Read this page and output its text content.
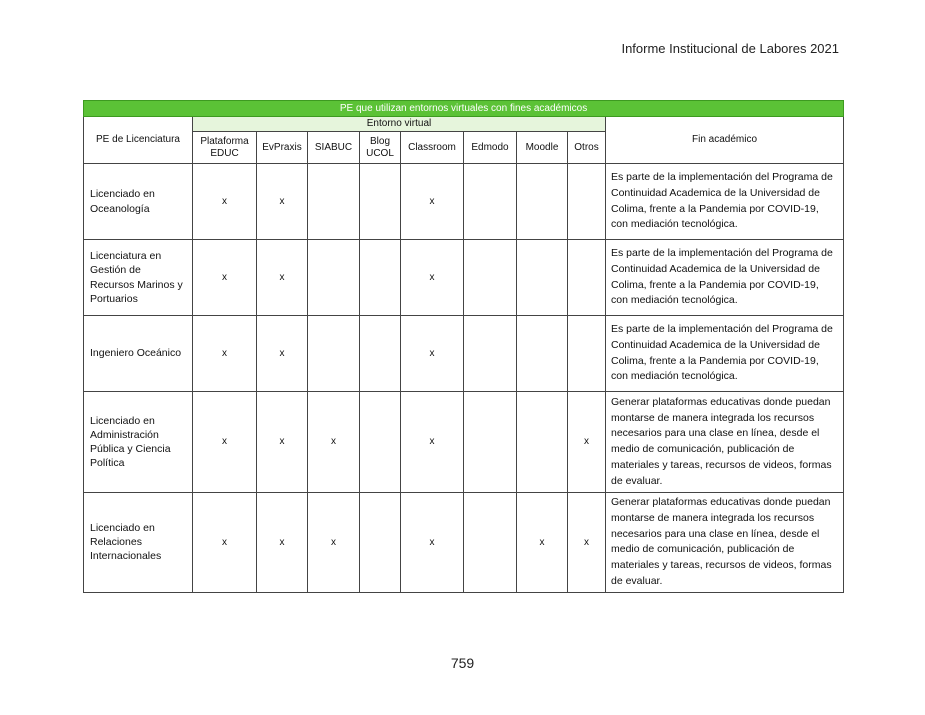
Informe Institucional de Labores 2021
PE que utilizan entornos virtuales con fines académicos									
PE de Licenciatura	Entorno virtual								Fin académico
	Plataforma EDUC	EvPraxis	SIABUC	Blog UCOL	Classroom	Edmodo	Moodle	Otros	
Licenciado en Oceanología	x	x			x				Es parte de la implementación del Programa de Continuidad Academica de la Universidad de Colima, frente a la Pandemia por COVID-19, con mediación tecnológica.
Licenciatura en Gestión de Recursos Marinos y Portuarios	x	x			x				Es parte de la implementación del Programa de Continuidad Academica de la Universidad de Colima, frente a la Pandemia por COVID-19, con mediación tecnológica.
Ingeniero Oceánico	x	x			x				Es parte de la implementación del Programa de Continuidad Academica de la Universidad de Colima, frente a la Pandemia por COVID-19, con mediación tecnológica.
Licenciado en Administración Pública y Ciencia Política	x	x	x		x			x	Generar plataformas educativas donde puedan montarse de manera integrada los recursos necesarios para una clase en línea, desde el medio de comunicación, publicación de materiales y tareas, recursos de videos, formas de evaluar.
Licenciado en Relaciones Internacionales	x	x	x		x		x	x	Generar plataformas educativas donde puedan montarse de manera integrada los recursos necesarios para una clase en línea, desde el medio de comunicación, publicación de materiales y tareas, recursos de videos, formas de evaluar.
759
